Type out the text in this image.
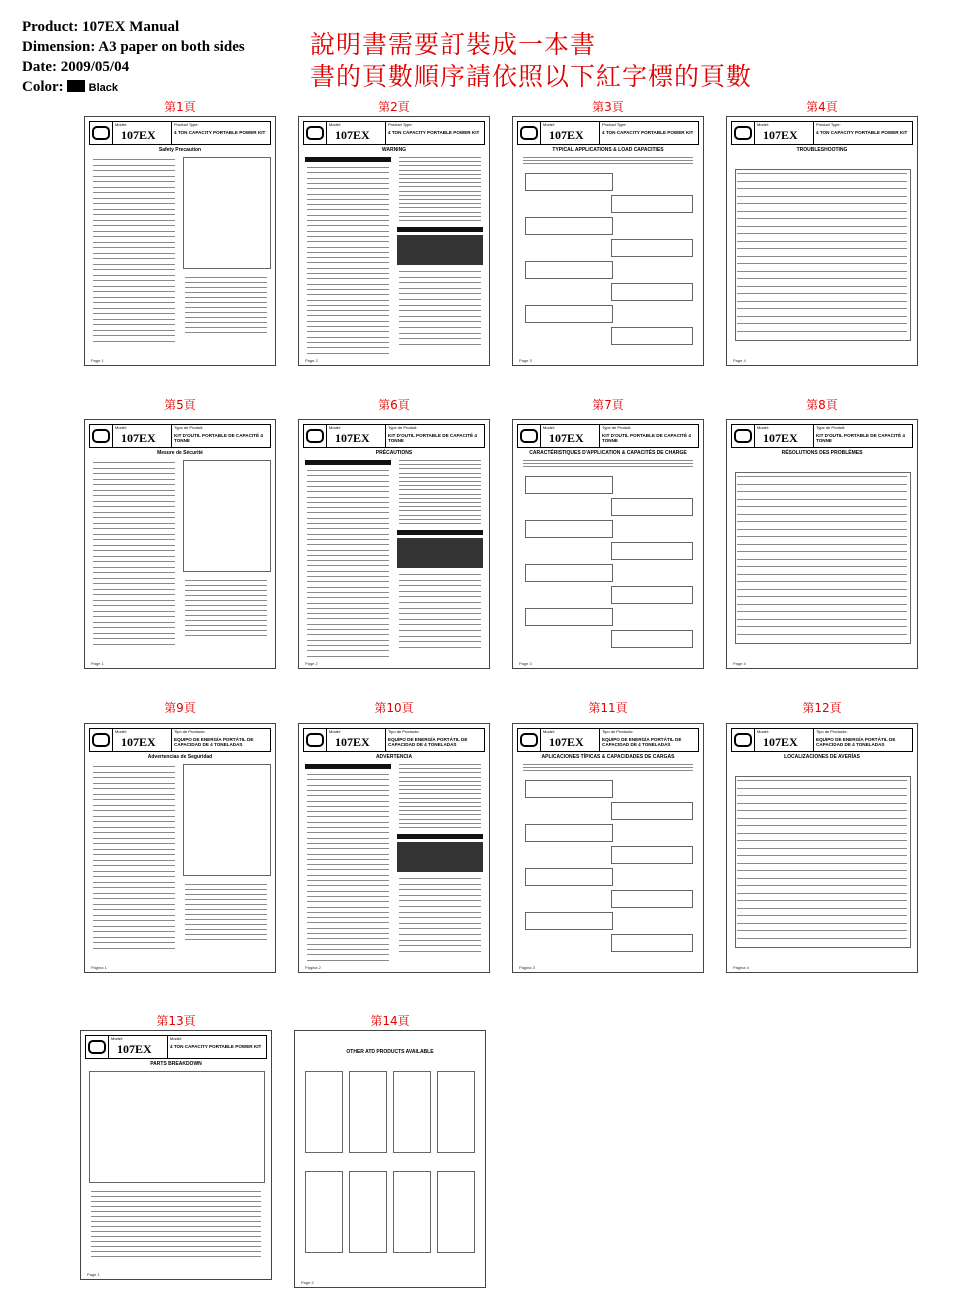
Product: 107EX Manual
Dimension: A3 paper on both sides
Date: 2009/05/04
Color: Black
說明書需要訂裝成一本書
書的頁數順序請依照以下紅字標的頁數
第1頁
Model:
107EX
Product Type:
4 TON CAPACITY PORTABLE POWER KIT
Safety Precaution
Page 1
第2頁
Model:
107EX
Product Type:
4 TON CAPACITY PORTABLE POWER KIT
WARNING
Page 2
第3頁
Model:
107EX
Product Type:
4 TON CAPACITY PORTABLE POWER KIT
TYPICAL APPLICATIONS & LOAD CAPACITIES
Page 3
第4頁
Model:
107EX
Product Type:
4 TON CAPACITY PORTABLE POWER KIT
TROUBLESHOOTING
Page 4
第5頁
Model:
107EX
Type de Produit:
KIT D'OUTIL PORTABLE DE CAPACITÉ 4 TONNE
Mesure de Sécurité
Page 1
第6頁
Model:
107EX
Type de Produit:
KIT D'OUTIL PORTABLE DE CAPACITÉ 4 TONNE
PRÉCAUTIONS
Page 2
第7頁
Model:
107EX
Type de Produit:
KIT D'OUTIL PORTABLE DE CAPACITÉ 4 TONNE
CARACTÉRISTIQUES D'APPLICATION & CAPACITÉS DE CHARGE
Page 3
第8頁
Model:
107EX
Type de Produit:
KIT D'OUTIL PORTABLE DE CAPACITÉ 4 TONNE
RÉSOLUTIONS DES PROBLÈMES
Page 4
第9頁
Model:
107EX
Tipo de Producto:
EQUIPO DE ENERGÍA PORTÁTIL DE CAPACIDAD DE 4 TONELADAS
Advertencias de Seguridad
Página 1
第10頁
Model:
107EX
Tipo de Producto:
EQUIPO DE ENERGÍA PORTÁTIL DE CAPACIDAD DE 4 TONELADAS
ADVERTENCIA
Página 2
第11頁
Model:
107EX
Tipo de Producto:
EQUIPO DE ENERGÍA PORTÁTIL DE CAPACIDAD DE 4 TONELADAS
APLICACIONES TÍPICAS & CAPACIDADES DE CARGAS
Página 3
第12頁
Model:
107EX
Tipo de Producto:
EQUIPO DE ENERGÍA PORTÁTIL DE CAPACIDAD DE 4 TONELADAS
LOCALIZACIONES DE AVERÍAS
Página 4
第13頁
Model:
107EX
Model:
4 TON CAPACITY PORTABLE POWER KIT
PARTS BREAKDOWN
Page 1
第14頁
OTHER ATD PRODUCTS AVAILABLE
Page 2
